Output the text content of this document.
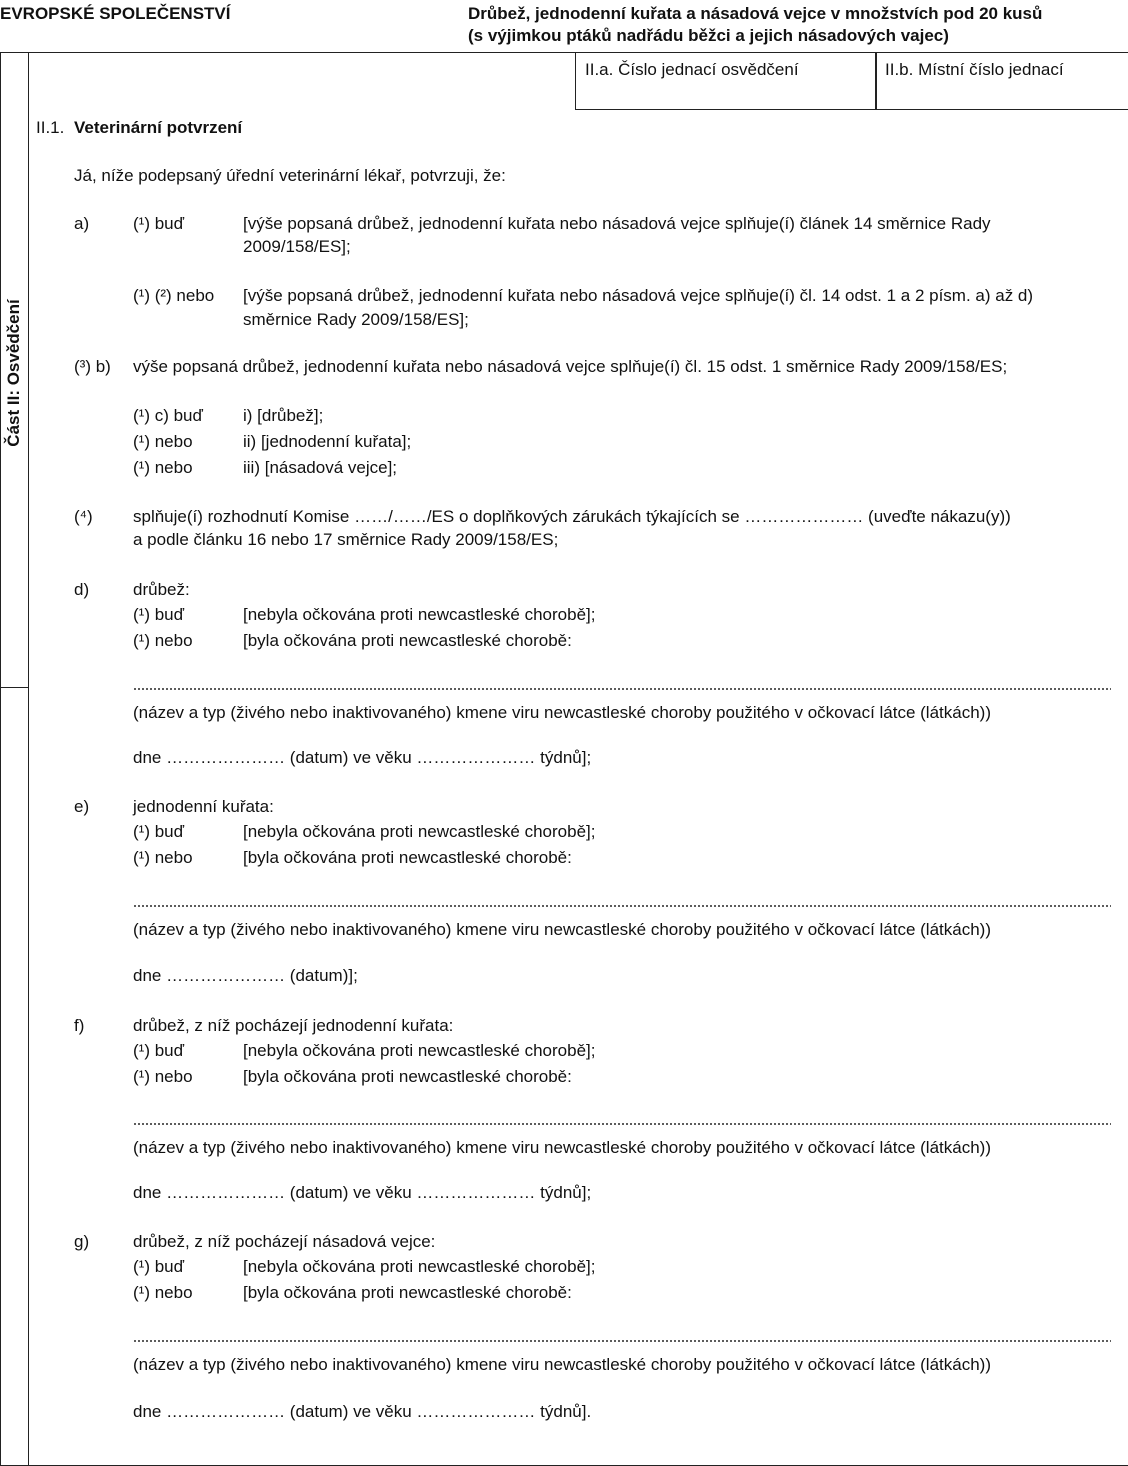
EVROPSKÉ SPOLEČENSTVÍ	Drůbež, jednodenní kuřata a násadová vejce v množstvích pod 20 kusů
(s výjimkou ptáků nadřádu běžci a jejich násadových vajec)
Část II: Osvědčení
II.a. Číslo jednací osvědčení	II.b. Místní číslo jednací
II.1. Veterinární potvrzení
Já, níže podepsaný úřední veterinární lékař, potvrzuji, že:
a)	(¹) buď	[výše popsaná drůbež, jednodenní kuřata nebo násadová vejce splňuje(í) článek 14 směrnice Rady
2009/158/ES];
(¹) (²) nebo [výše popsaná drůbež, jednodenní kuřata nebo násadová vejce splňuje(í) čl. 14 odst. 1 a 2 písm. a) až d)
směrnice Rady 2009/158/ES];
(³) b) výše popsaná drůbež, jednodenní kuřata nebo násadová vejce splňuje(í) čl. 15 odst. 1 směrnice Rady 2009/158/ES;
(¹) c) buď i) [drůbež];
(¹) nebo	ii) [jednodenní kuřata];
(¹) nebo	iii) [násadová vejce];
(⁴) splňuje(í) rozhodnutí Komise ……/……/ES o doplňkových zárukách týkajících se ………………… (uveďte nákazu(y))
a podle článku 16 nebo 17 směrnice Rady 2009/158/ES;
d)	drůbež:
(¹) buď	[nebyla očkována proti newcastleské chorobě];
(¹) nebo	[byla očkována proti newcastleské chorobě:
(název a typ (živého nebo inaktivovaného) kmene viru newcastleské choroby použitého v očkovací látce (látkách))
dne ………………… (datum) ve věku ………………… týdnů];
e)	jednodenní kuřata:
(¹) buď	[nebyla očkována proti newcastleské chorobě];
(¹) nebo	[byla očkována proti newcastleské chorobě:
(název a typ (živého nebo inaktivovaného) kmene viru newcastleské choroby použitého v očkovací látce (látkách))
dne ………………… (datum)];
f)	drůbež, z níž pocházejí jednodenní kuřata:
(¹) buď	[nebyla očkována proti newcastleské chorobě];
(¹) nebo	[byla očkována proti newcastleské chorobě:
(název a typ (živého nebo inaktivovaného) kmene viru newcastleské choroby použitého v očkovací látce (látkách))
dne ………………… (datum) ve věku ………………… týdnů];
g)	drůbež, z níž pocházejí násadová vejce:
(¹) buď	[nebyla očkována proti newcastleské chorobě];
(¹) nebo	[byla očkována proti newcastleské chorobě:
(název a typ (živého nebo inaktivovaného) kmene viru newcastleské choroby použitého v očkovací látce (látkách))
dne ………………… (datum) ve věku ………………… týdnů].
